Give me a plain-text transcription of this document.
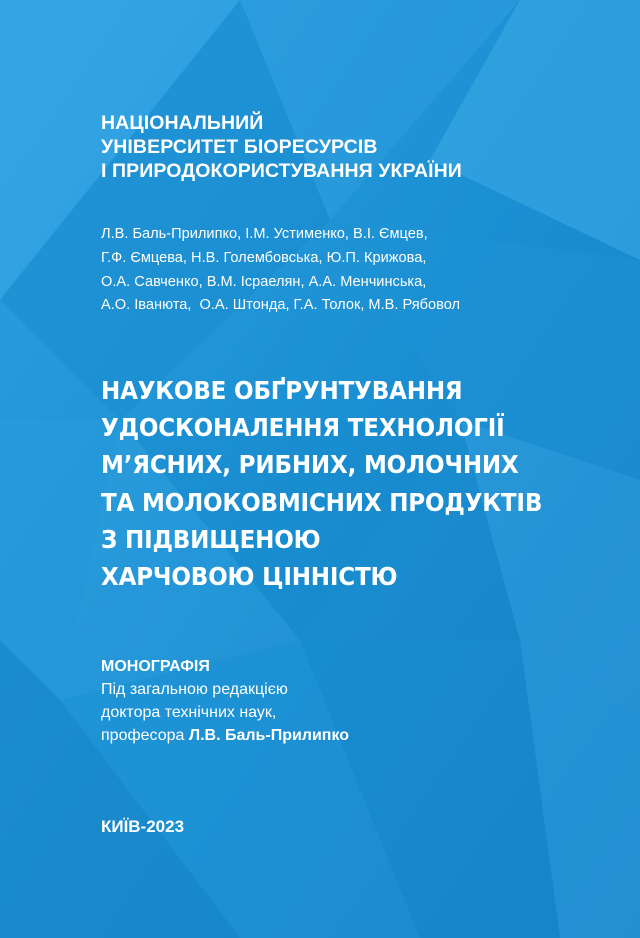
НАЦІОНАЛЬНИЙ
УНІВЕРСИТЕТ БІОРЕСУРСІВ
І ПРИРОДОКОРИСТУВАННЯ УКРАЇНИ
Л.В. Баль-Прилипко, І.М. Устименко, В.І. Ємцев,
Г.Ф. Ємцева, Н.В. Голембовська, Ю.П. Крижова,
О.А. Савченко, В.М. Ісраелян, А.А. Менчинська,
А.О. Іванюта,  О.А. Штонда, Г.А. Толок, М.В. Рябовол
НАУКОВЕ ОБҐРУНТУВАННЯ
УДОСКОНАЛЕННЯ ТЕХНОЛОГІЇ
М’ЯСНИХ, РИБНИХ, МОЛОЧНИХ
ТА МОЛОКОВМІСНИХ ПРОДУКТІВ
З ПІДВИЩЕНОЮ
ХАРЧОВОЮ ЦІННІСТЮ
МОНОГРАФІЯ
Під загальною редакцією
доктора технічних наук,
професора Л.В. Баль-Прилипко
КИЇВ-2023
